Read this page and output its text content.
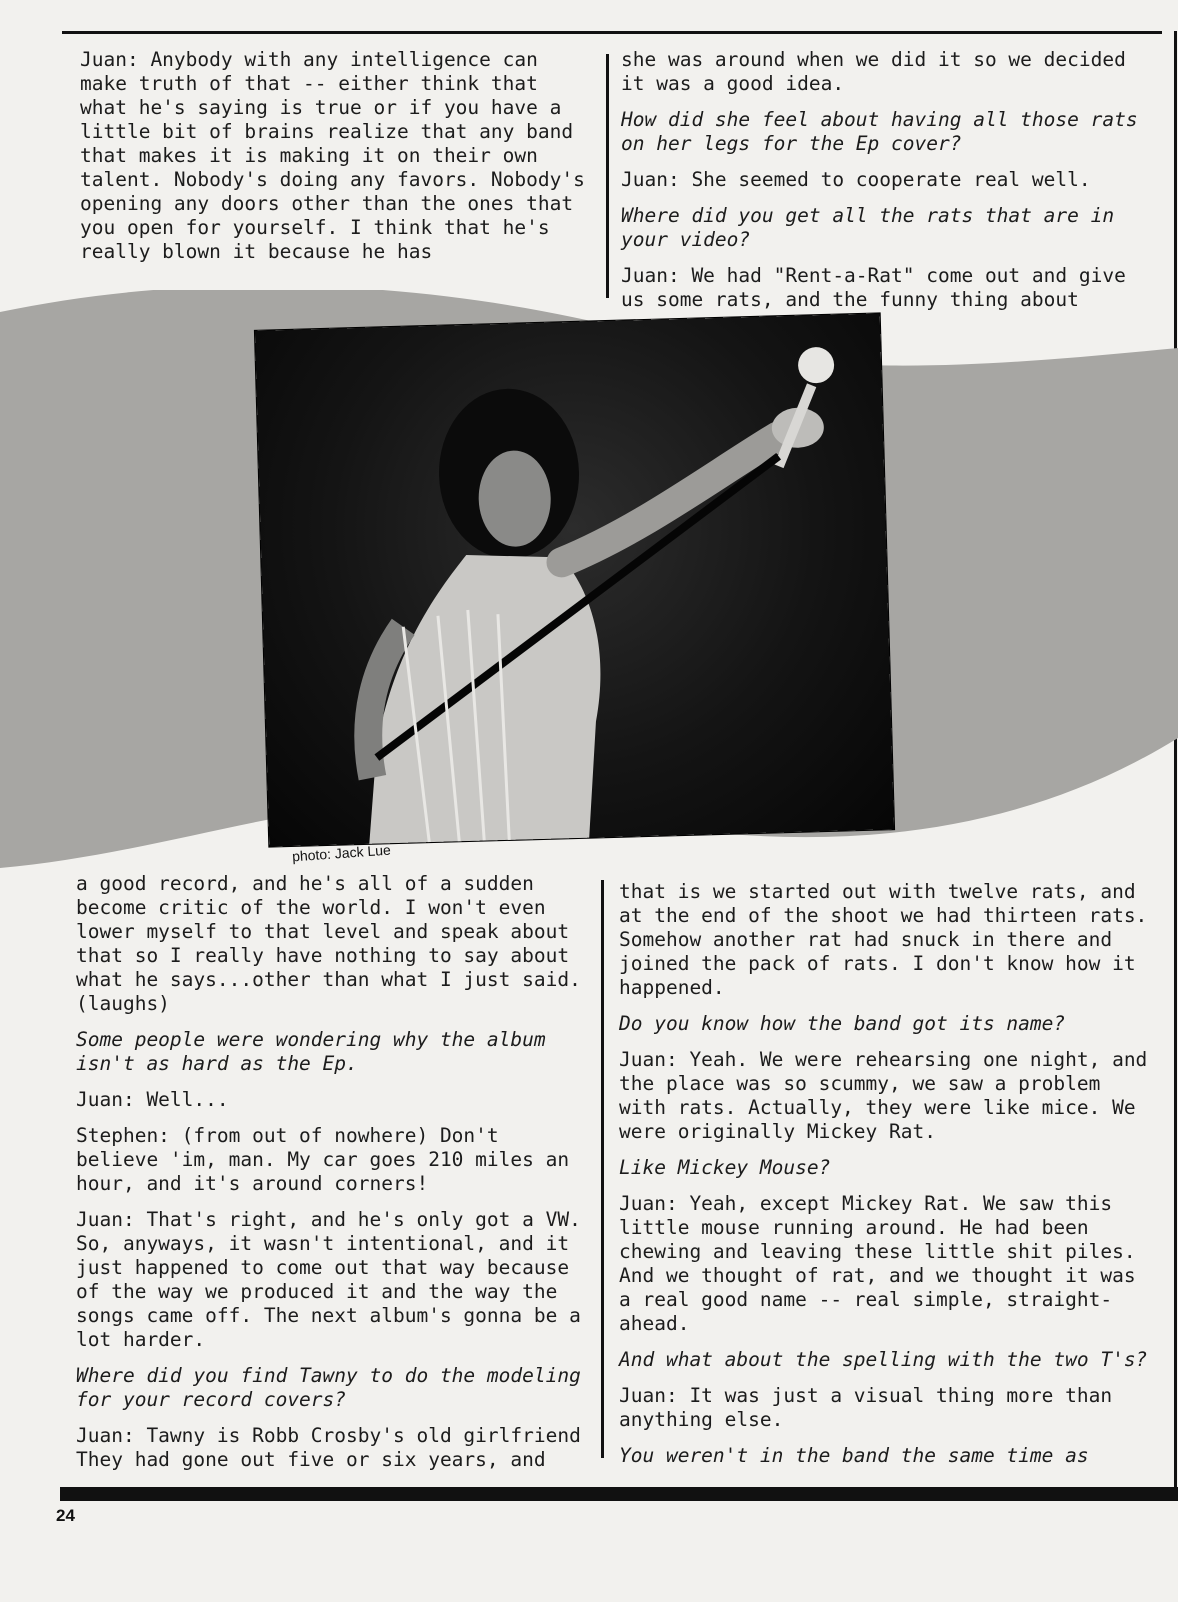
photo: Jack Lue

Juan: Anybody with any intelligence can make truth of that -- either think that what he's saying is true or if you have a little bit of brains realize that any band that makes it is making it on their own talent. Nobody's doing any favors. Nobody's opening any doors other than the ones that you open for yourself. I think that he's really blown it because he has

she was around when we did it so we decided it was a good idea.

How did she feel about having all those rats on her legs for the Ep cover?

Juan: She seemed to cooperate real well.

Where did you get all the rats that are in your video?

Juan: We had "Rent-a-Rat" come out and give us some rats, and the funny thing about

a good record, and he's all of a sudden become critic of the world. I won't even lower myself to that level and speak about that so I really have nothing to say about what he says...other than what I just said. (laughs)

Some people were wondering why the album isn't as hard as the Ep.

Juan: Well...

Stephen: (from out of nowhere) Don't believe 'im, man. My car goes 210 miles an hour, and it's around corners!

Juan: That's right, and he's only got a VW. So, anyways, it wasn't intentional, and it just happened to come out that way because of the way we produced it and the way the songs came off. The next album's gonna be a lot harder.

Where did you find Tawny to do the modeling for your record covers?

Juan: Tawny is Robb Crosby's old girlfriend They had gone out five or six years, and

that is we started out with twelve rats, and at the end of the shoot we had thirteen rats. Somehow another rat had snuck in there and joined the pack of rats. I don't know how it happened.

Do you know how the band got its name?

Juan: Yeah. We were rehearsing one night, and the place was so scummy, we saw a problem with rats. Actually, they were like mice. We were originally Mickey Rat.

Like Mickey Mouse?

Juan: Yeah, except Mickey Rat. We saw this little mouse running around. He had been chewing and leaving these little shit piles. And we thought of rat, and we thought it was a real good name -- real simple, straight-ahead.

And what about the spelling with the two T's?

Juan: It was just a visual thing more than anything else.

You weren't in the band the same time as

24
